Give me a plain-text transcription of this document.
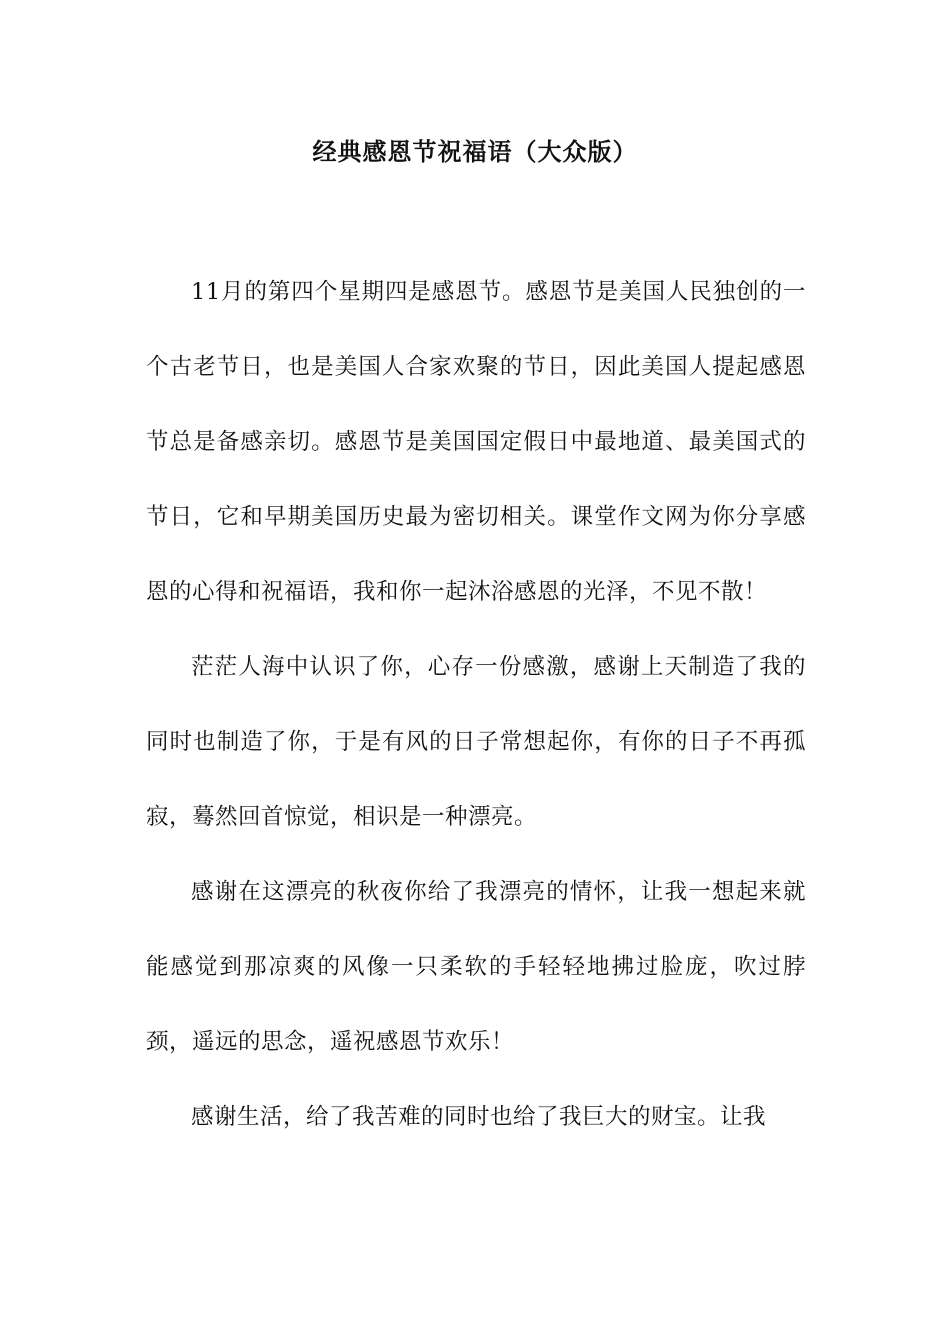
经典感恩节祝福语（大众版）

11月的第四个星期四是感恩节。感恩节是美国人民独创的一个古老节日，也是美国人合家欢聚的节日，因此美国人提起感恩节总是备感亲切。感恩节是美国国定假日中最地道、最美国式的节日，它和早期美国历史最为密切相关。课堂作文网为你分享感恩的心得和祝福语，我和你一起沐浴感恩的光泽，不见不散！

茫茫人海中认识了你，心存一份感激，感谢上天制造了我的同时也制造了你，于是有风的日子常想起你，有你的日子不再孤寂，蓦然回首惊觉，相识是一种漂亮。

感谢在这漂亮的秋夜你给了我漂亮的情怀，让我一想起来就能感觉到那凉爽的风像一只柔软的手轻轻地拂过脸庞，吹过脖颈，遥远的思念，遥祝感恩节欢乐！

感谢生活，给了我苦难的同时也给了我巨大的财宝。让我
